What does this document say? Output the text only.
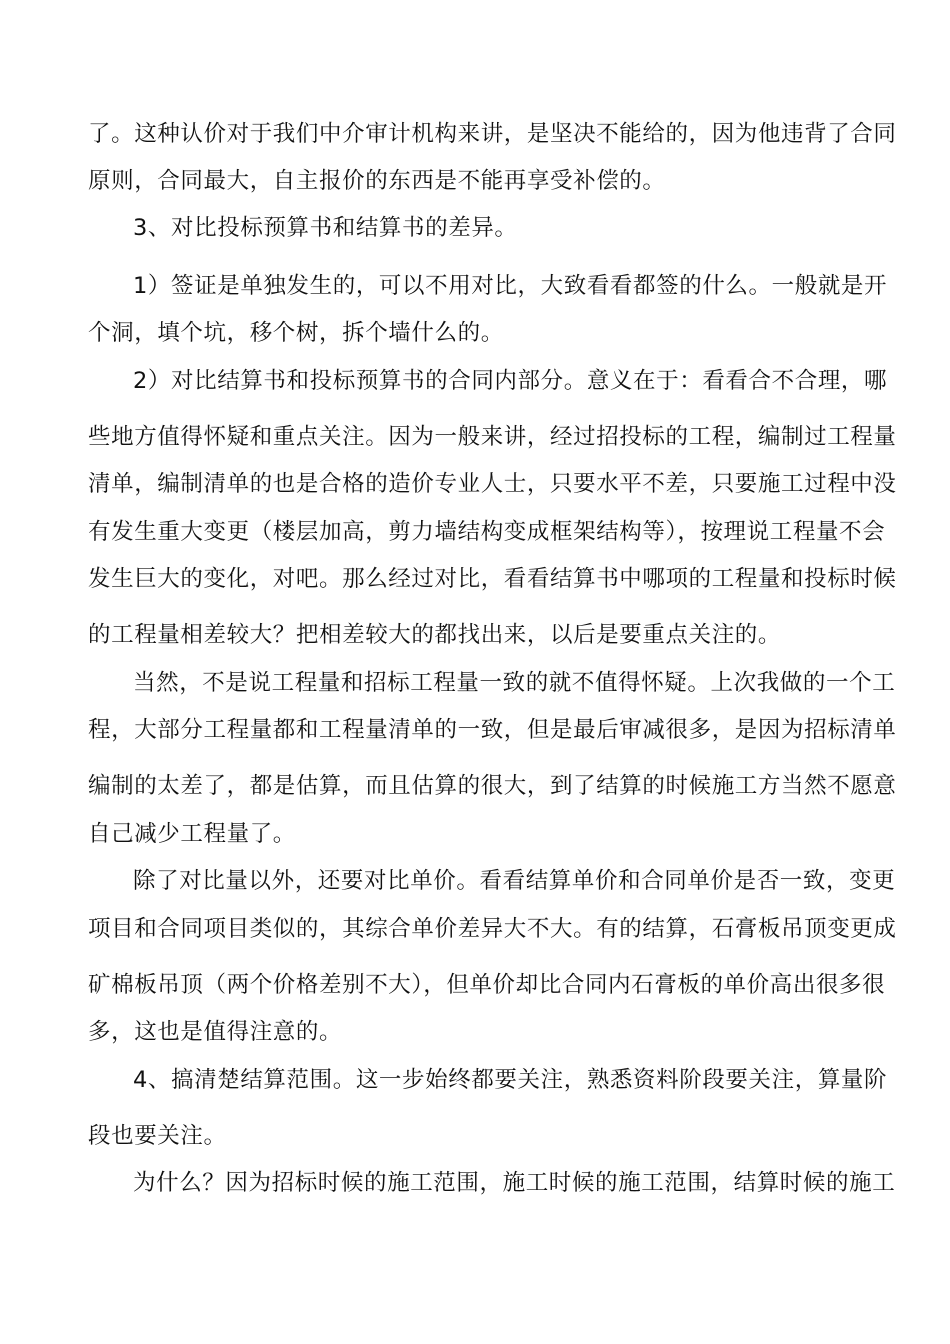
了。这种认价对于我们中介审计机构来讲，是坚决不能给的，因为他违背了合同
原则，合同最大，自主报价的东西是不能再享受补偿的。
3、对比投标预算书和结算书的差异。
1）签证是单独发生的，可以不用对比，大致看看都签的什么。一般就是开
个洞，填个坑，移个树，拆个墙什么的。
2）对比结算书和投标预算书的合同内部分。意义在于：看看合不合理，哪
些地方值得怀疑和重点关注。因为一般来讲，经过招投标的工程，编制过工程量
清单，编制清单的也是合格的造价专业人士，只要水平不差，只要施工过程中没
有发生重大变更（楼层加高，剪力墙结构变成框架结构等），按理说工程量不会
发生巨大的变化，对吧。那么经过对比，看看结算书中哪项的工程量和投标时候
的工程量相差较大？把相差较大的都找出来，以后是要重点关注的。
当然，不是说工程量和招标工程量一致的就不值得怀疑。上次我做的一个工
程，大部分工程量都和工程量清单的一致，但是最后审减很多，是因为招标清单
编制的太差了，都是估算，而且估算的很大，到了结算的时候施工方当然不愿意
自己减少工程量了。
除了对比量以外，还要对比单价。看看结算单价和合同单价是否一致，变更
项目和合同项目类似的，其综合单价差异大不大。有的结算，石膏板吊顶变更成
矿棉板吊顶（两个价格差别不大），但单价却比合同内石膏板的单价高出很多很
多，这也是值得注意的。
4、搞清楚结算范围。这一步始终都要关注，熟悉资料阶段要关注，算量阶
段也要关注。
为什么？因为招标时候的施工范围，施工时候的施工范围，结算时候的施工
